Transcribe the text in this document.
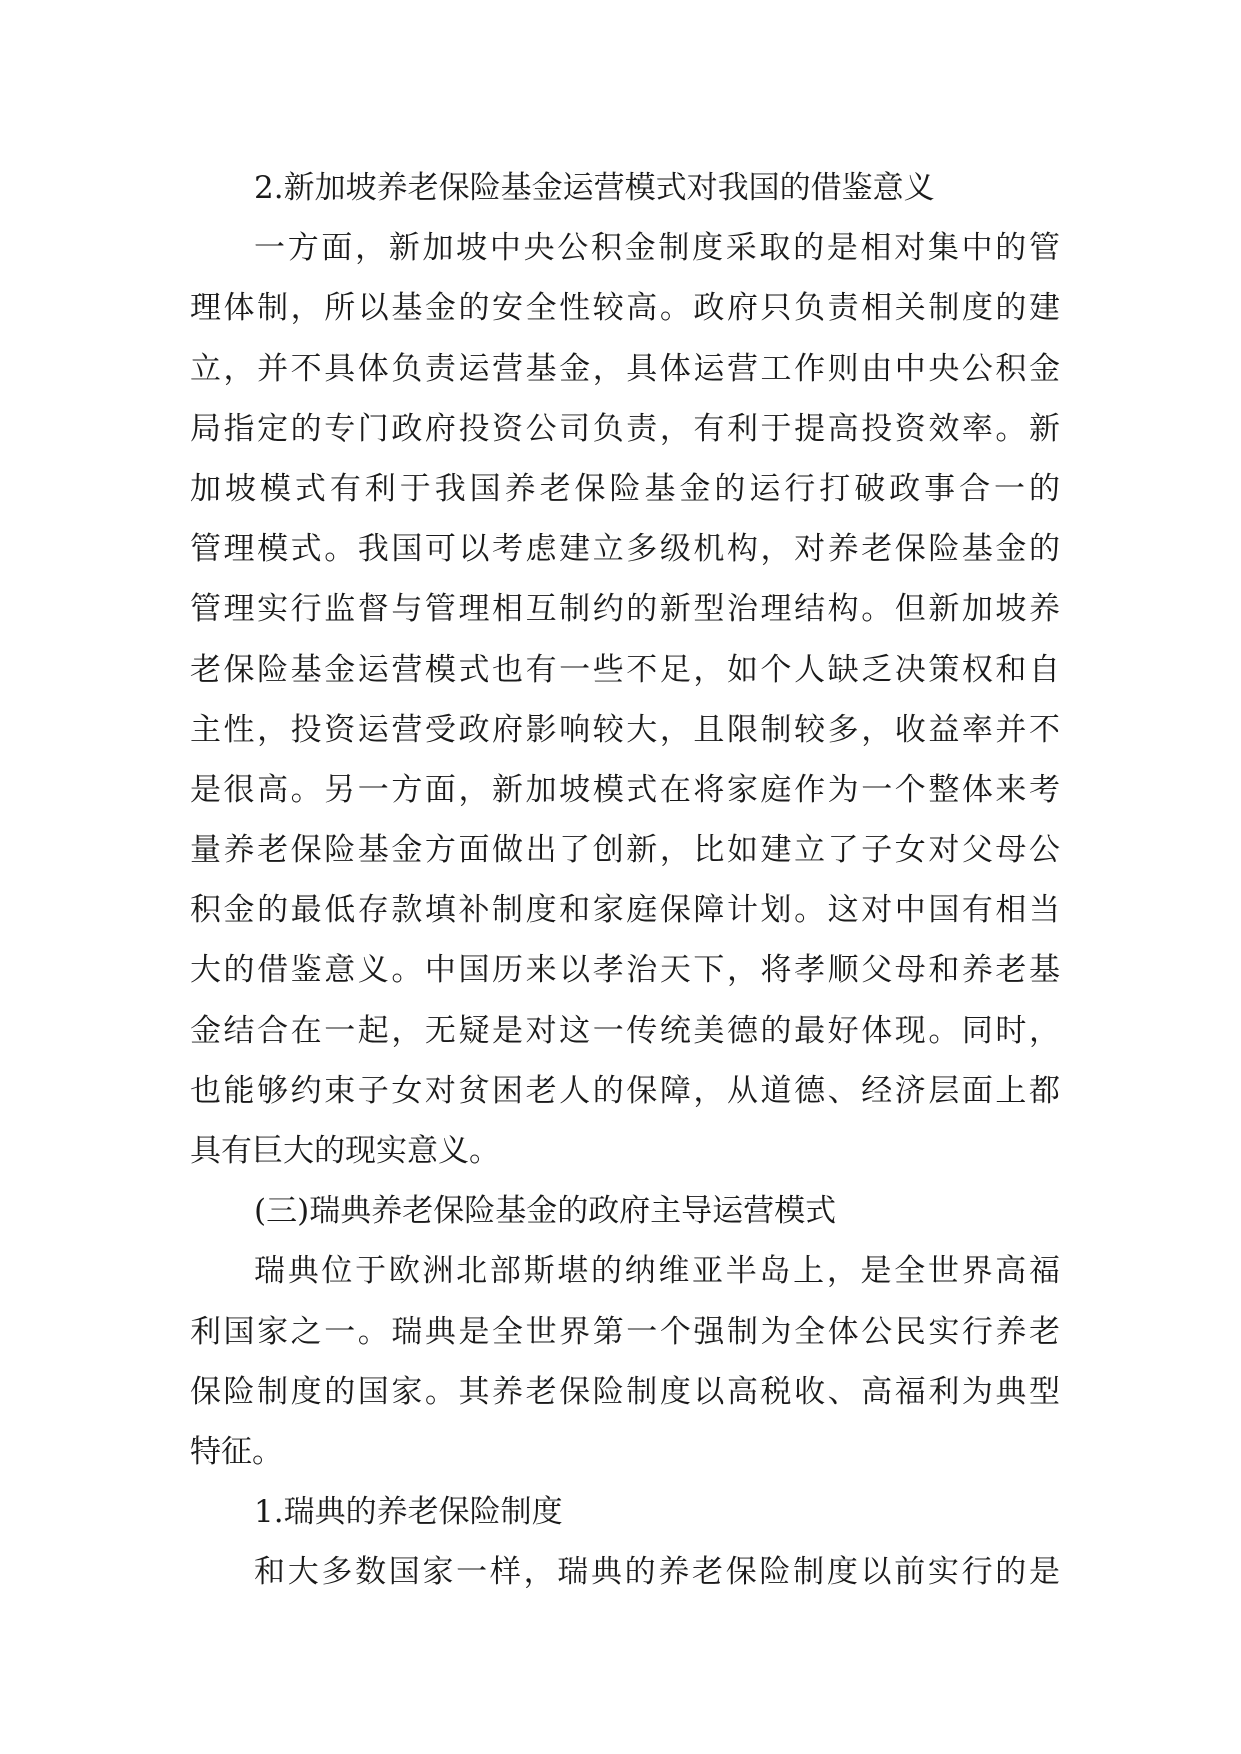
2.新加坡养老保险基金运营模式对我国的借鉴意义
一方面，新加坡中央公积金制度采取的是相对集中的管
理体制，所以基金的安全性较高。政府只负责相关制度的建
立，并不具体负责运营基金，具体运营工作则由中央公积金
局指定的专门政府投资公司负责，有利于提高投资效率。新
加坡模式有利于我国养老保险基金的运行打破政事合一的
管理模式。我国可以考虑建立多级机构，对养老保险基金的
管理实行监督与管理相互制约的新型治理结构。但新加坡养
老保险基金运营模式也有一些不足，如个人缺乏决策权和自
主性，投资运营受政府影响较大，且限制较多，收益率并不
是很高。另一方面，新加坡模式在将家庭作为一个整体来考
量养老保险基金方面做出了创新，比如建立了子女对父母公
积金的最低存款填补制度和家庭保障计划。这对中国有相当
大的借鉴意义。中国历来以孝治天下，将孝顺父母和养老基
金结合在一起，无疑是对这一传统美德的最好体现。同时，
也能够约束子女对贫困老人的保障，从道德、经济层面上都
具有巨大的现实意义。
(三)瑞典养老保险基金的政府主导运营模式
瑞典位于欧洲北部斯堪的纳维亚半岛上，是全世界高福
利国家之一。瑞典是全世界第一个强制为全体公民实行养老
保险制度的国家。其养老保险制度以高税收、高福利为典型
特征。
1.瑞典的养老保险制度
和大多数国家一样，瑞典的养老保险制度以前实行的是
